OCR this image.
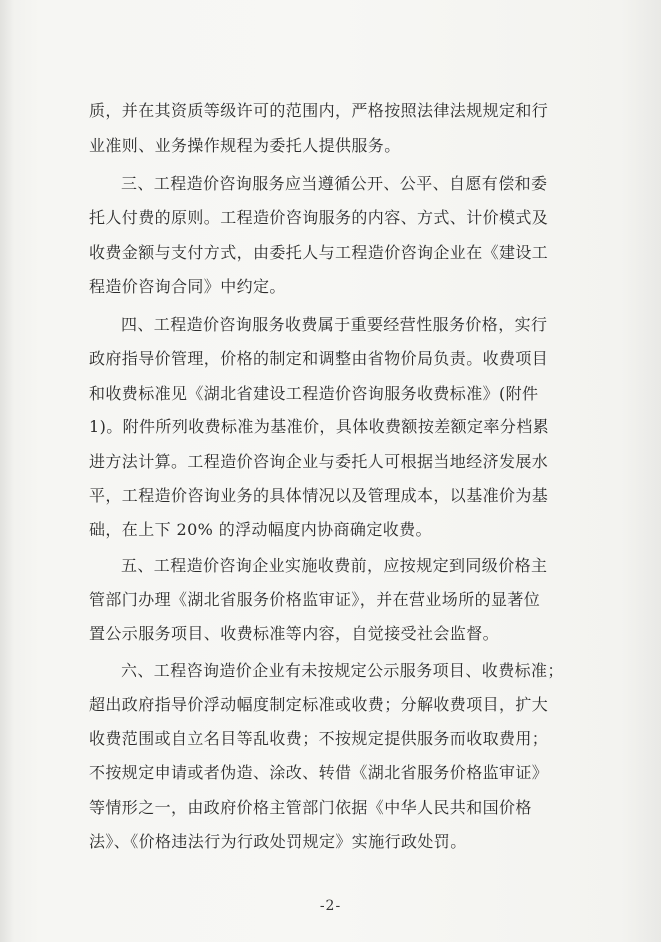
质，并在其资质等级许可的范围内，严格按照法律法规规定和行
业准则、业务操作规程为委托人提供服务。
三、工程造价咨询服务应当遵循公开、公平、自愿有偿和委
托人付费的原则。工程造价咨询服务的内容、方式、计价模式及
收费金额与支付方式，由委托人与工程造价咨询企业在《建设工
程造价咨询合同》中约定。
四、工程造价咨询服务收费属于重要经营性服务价格，实行
政府指导价管理，价格的制定和调整由省物价局负责。收费项目
和收费标准见《湖北省建设工程造价咨询服务收费标准》(附件
1)。附件所列收费标准为基准价，具体收费额按差额定率分档累
进方法计算。工程造价咨询企业与委托人可根据当地经济发展水
平，工程造价咨询业务的具体情况以及管理成本，以基准价为基
础，在上下 20% 的浮动幅度内协商确定收费。
五、工程造价咨询企业实施收费前，应按规定到同级价格主
管部门办理《湖北省服务价格监审证》，并在营业场所的显著位
置公示服务项目、收费标准等内容，自觉接受社会监督。
六、工程咨询造价企业有未按规定公示服务项目、收费标准；
超出政府指导价浮动幅度制定标准或收费；分解收费项目，扩大
收费范围或自立名目等乱收费；不按规定提供服务而收取费用；
不按规定申请或者伪造、涂改、转借《湖北省服务价格监审证》
等情形之一，由政府价格主管部门依据《中华人民共和国价格
法》、《价格违法行为行政处罚规定》实施行政处罚。
-2-
